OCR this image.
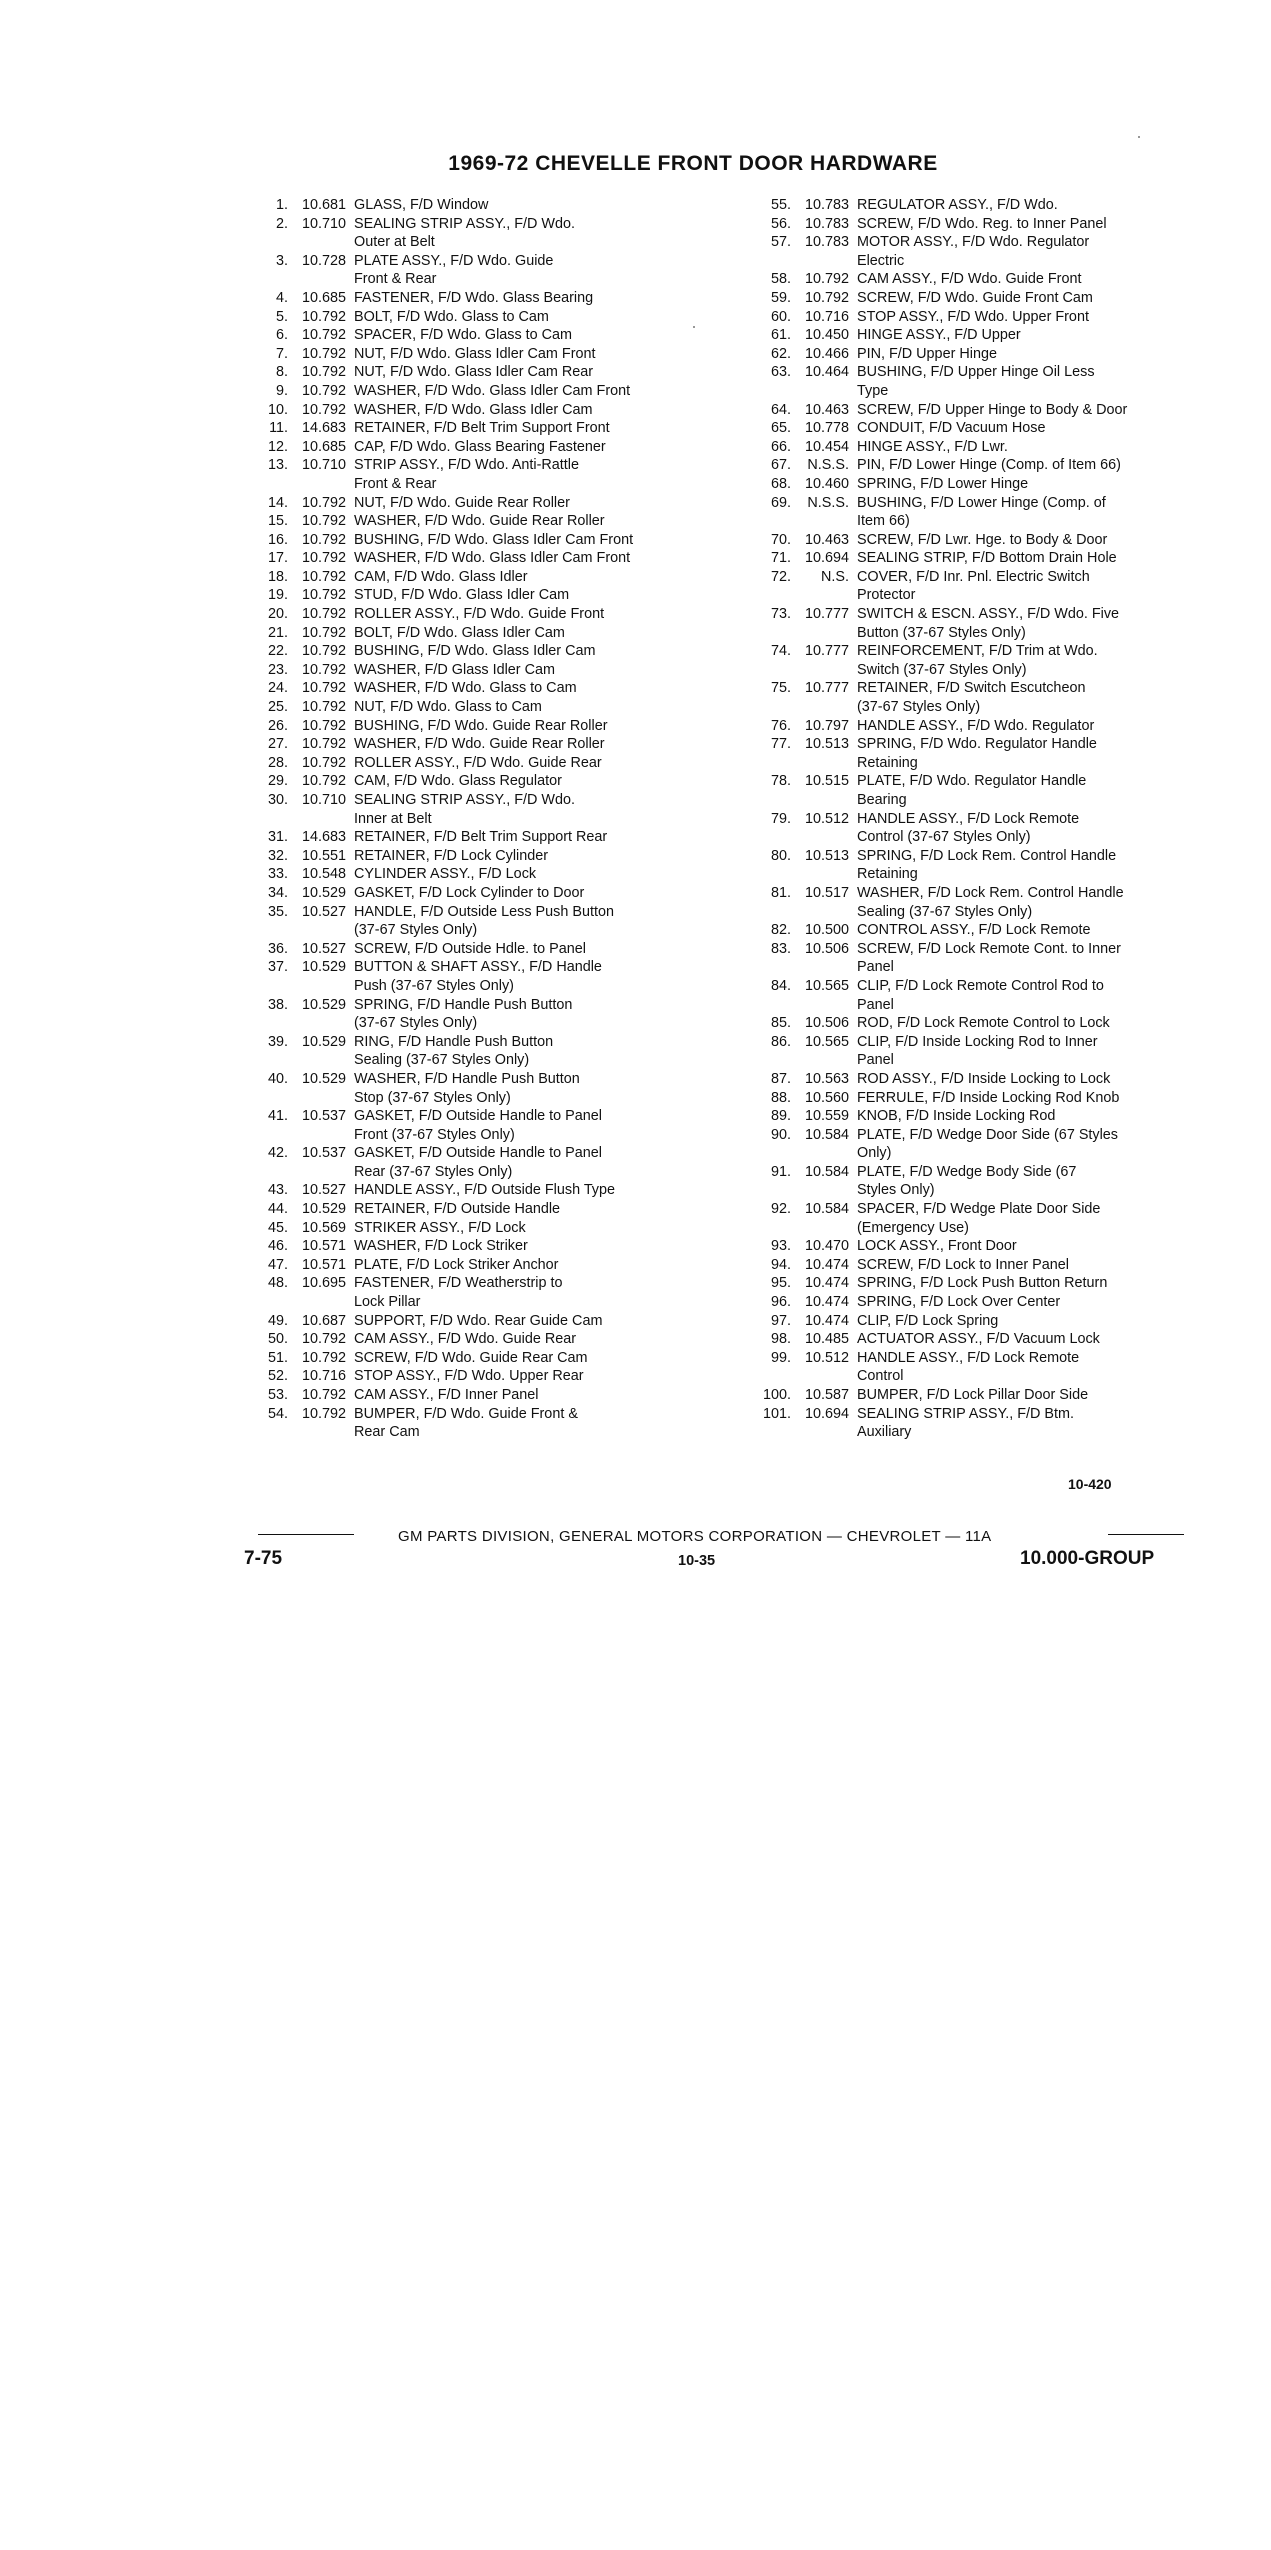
1969-72 CHEVELLE FRONT DOOR HARDWARE
1. 10.681 GLASS, F/D Window
2. 10.710 SEALING STRIP ASSY., F/D Wdo.
Outer at Belt
3. 10.728 PLATE ASSY., F/D Wdo. Guide
Front & Rear
4. 10.685 FASTENER, F/D Wdo. Glass Bearing
5. 10.792 BOLT, F/D Wdo. Glass to Cam
6. 10.792 SPACER, F/D Wdo. Glass to Cam
7. 10.792 NUT, F/D Wdo. Glass Idler Cam Front
8. 10.792 NUT, F/D Wdo. Glass Idler Cam Rear
9. 10.792 WASHER, F/D Wdo. Glass Idler Cam Front
10. 10.792 WASHER, F/D Wdo. Glass Idler Cam
11. 14.683 RETAINER, F/D Belt Trim Support Front
12. 10.685 CAP, F/D Wdo. Glass Bearing Fastener
13. 10.710 STRIP ASSY., F/D Wdo. Anti-Rattle
Front & Rear
14. 10.792 NUT, F/D Wdo. Guide Rear Roller
15. 10.792 WASHER, F/D Wdo. Guide Rear Roller
16. 10.792 BUSHING, F/D Wdo. Glass Idler Cam Front
17. 10.792 WASHER, F/D Wdo. Glass Idler Cam Front
18. 10.792 CAM, F/D Wdo. Glass Idler
19. 10.792 STUD, F/D Wdo. Glass Idler Cam
20. 10.792 ROLLER ASSY., F/D Wdo. Guide Front
21. 10.792 BOLT, F/D Wdo. Glass Idler Cam
22. 10.792 BUSHING, F/D Wdo. Glass Idler Cam
23. 10.792 WASHER, F/D Glass Idler Cam
24. 10.792 WASHER, F/D Wdo. Glass to Cam
25. 10.792 NUT, F/D Wdo. Glass to Cam
26. 10.792 BUSHING, F/D Wdo. Guide Rear Roller
27. 10.792 WASHER, F/D Wdo. Guide Rear Roller
28. 10.792 ROLLER ASSY., F/D Wdo. Guide Rear
29. 10.792 CAM, F/D Wdo. Glass Regulator
30. 10.710 SEALING STRIP ASSY., F/D Wdo.
Inner at Belt
31. 14.683 RETAINER, F/D Belt Trim Support Rear
32. 10.551 RETAINER, F/D Lock Cylinder
33. 10.548 CYLINDER ASSY., F/D Lock
34. 10.529 GASKET, F/D Lock Cylinder to Door
35. 10.527 HANDLE, F/D Outside Less Push Button
(37-67 Styles Only)
36. 10.527 SCREW, F/D Outside Hdle. to Panel
37. 10.529 BUTTON & SHAFT ASSY., F/D Handle
Push (37-67 Styles Only)
38. 10.529 SPRING, F/D Handle Push Button
(37-67 Styles Only)
39. 10.529 RING, F/D Handle Push Button
Sealing (37-67 Styles Only)
40. 10.529 WASHER, F/D Handle Push Button
Stop (37-67 Styles Only)
41. 10.537 GASKET, F/D Outside Handle to Panel
Front (37-67 Styles Only)
42. 10.537 GASKET, F/D Outside Handle to Panel
Rear (37-67 Styles Only)
43. 10.527 HANDLE ASSY., F/D Outside Flush Type
44. 10.529 RETAINER, F/D Outside Handle
45. 10.569 STRIKER ASSY., F/D Lock
46. 10.571 WASHER, F/D Lock Striker
47. 10.571 PLATE, F/D Lock Striker Anchor
48. 10.695 FASTENER, F/D Weatherstrip to
Lock Pillar
49. 10.687 SUPPORT, F/D Wdo. Rear Guide Cam
50. 10.792 CAM ASSY., F/D Wdo. Guide Rear
51. 10.792 SCREW, F/D Wdo. Guide Rear Cam
52. 10.716 STOP ASSY., F/D Wdo. Upper Rear
53. 10.792 CAM ASSY., F/D Inner Panel
54. 10.792 BUMPER, F/D Wdo. Guide Front &
Rear Cam
55. 10.783 REGULATOR ASSY., F/D Wdo.
56. 10.783 SCREW, F/D Wdo. Reg. to Inner Panel
57. 10.783 MOTOR ASSY., F/D Wdo. Regulator
Electric
58. 10.792 CAM ASSY., F/D Wdo. Guide Front
59. 10.792 SCREW, F/D Wdo. Guide Front Cam
60. 10.716 STOP ASSY., F/D Wdo. Upper Front
61. 10.450 HINGE ASSY., F/D Upper
62. 10.466 PIN, F/D Upper Hinge
63. 10.464 BUSHING, F/D Upper Hinge Oil Less
Type
64. 10.463 SCREW, F/D Upper Hinge to Body & Door
65. 10.778 CONDUIT, F/D Vacuum Hose
66. 10.454 HINGE ASSY., F/D Lwr.
67.	N.S.S. PIN, F/D Lower Hinge (Comp. of Item 66)
68. 10.460 SPRING, F/D Lower Hinge
69.	N.S.S. BUSHING, F/D Lower Hinge (Comp. of
Item 66)
70. 10.463 SCREW, F/D Lwr. Hge. to Body & Door
71. 10.694 SEALING STRIP, F/D Bottom Drain Hole
72.	N.S. COVER, F/D Inr. Pnl. Electric Switch
Protector
73. 10.777 SWITCH & ESCN. ASSY., F/D Wdo. Five
Button (37-67 Styles Only)
74. 10.777 REINFORCEMENT, F/D Trim at Wdo.
Switch (37-67 Styles Only)
75. 10.777 RETAINER, F/D Switch Escutcheon
(37-67 Styles Only)
76. 10.797 HANDLE ASSY., F/D Wdo. Regulator
77. 10.513 SPRING, F/D Wdo. Regulator Handle
Retaining
78. 10.515 PLATE, F/D Wdo. Regulator Handle
Bearing
79. 10.512 HANDLE ASSY., F/D Lock Remote
Control (37-67 Styles Only)
80. 10.513 SPRING, F/D Lock Rem. Control Handle
Retaining
81. 10.517 WASHER, F/D Lock Rem. Control Handle
Sealing (37-67 Styles Only)
82. 10.500 CONTROL ASSY., F/D Lock Remote
83. 10.506 SCREW, F/D Lock Remote Cont. to Inner
Panel
84. 10.565 CLIP, F/D Lock Remote Control Rod to
Panel
85. 10.506 ROD, F/D Lock Remote Control to Lock
86. 10.565 CLIP, F/D Inside Locking Rod to Inner
Panel
87. 10.563 ROD ASSY., F/D Inside Locking to Lock
88. 10.560 FERRULE, F/D Inside Locking Rod Knob
89. 10.559 KNOB, F/D Inside Locking Rod
90. 10.584 PLATE, F/D Wedge Door Side (67 Styles
Only)
91. 10.584 PLATE, F/D Wedge Body Side (67
Styles Only)
92. 10.584 SPACER, F/D Wedge Plate Door Side
(Emergency Use)
93. 10.470 LOCK ASSY., Front Door
94. 10.474 SCREW, F/D Lock to Inner Panel
95. 10.474 SPRING, F/D Lock Push Button Return
96. 10.474 SPRING, F/D Lock Over Center
97. 10.474 CLIP, F/D Lock Spring
98. 10.485 ACTUATOR ASSY., F/D Vacuum Lock
99. 10.512 HANDLE ASSY., F/D Lock Remote
Control
100. 10.587 BUMPER, F/D Lock Pillar Door Side
101. 10.694 SEALING STRIP ASSY., F/D Btm.
Auxiliary
10-420
GM PARTS DIVISION, GENERAL MOTORS CORPORATION — CHEVROLET — 11A
7-75	10-35	10.000-GROUP
